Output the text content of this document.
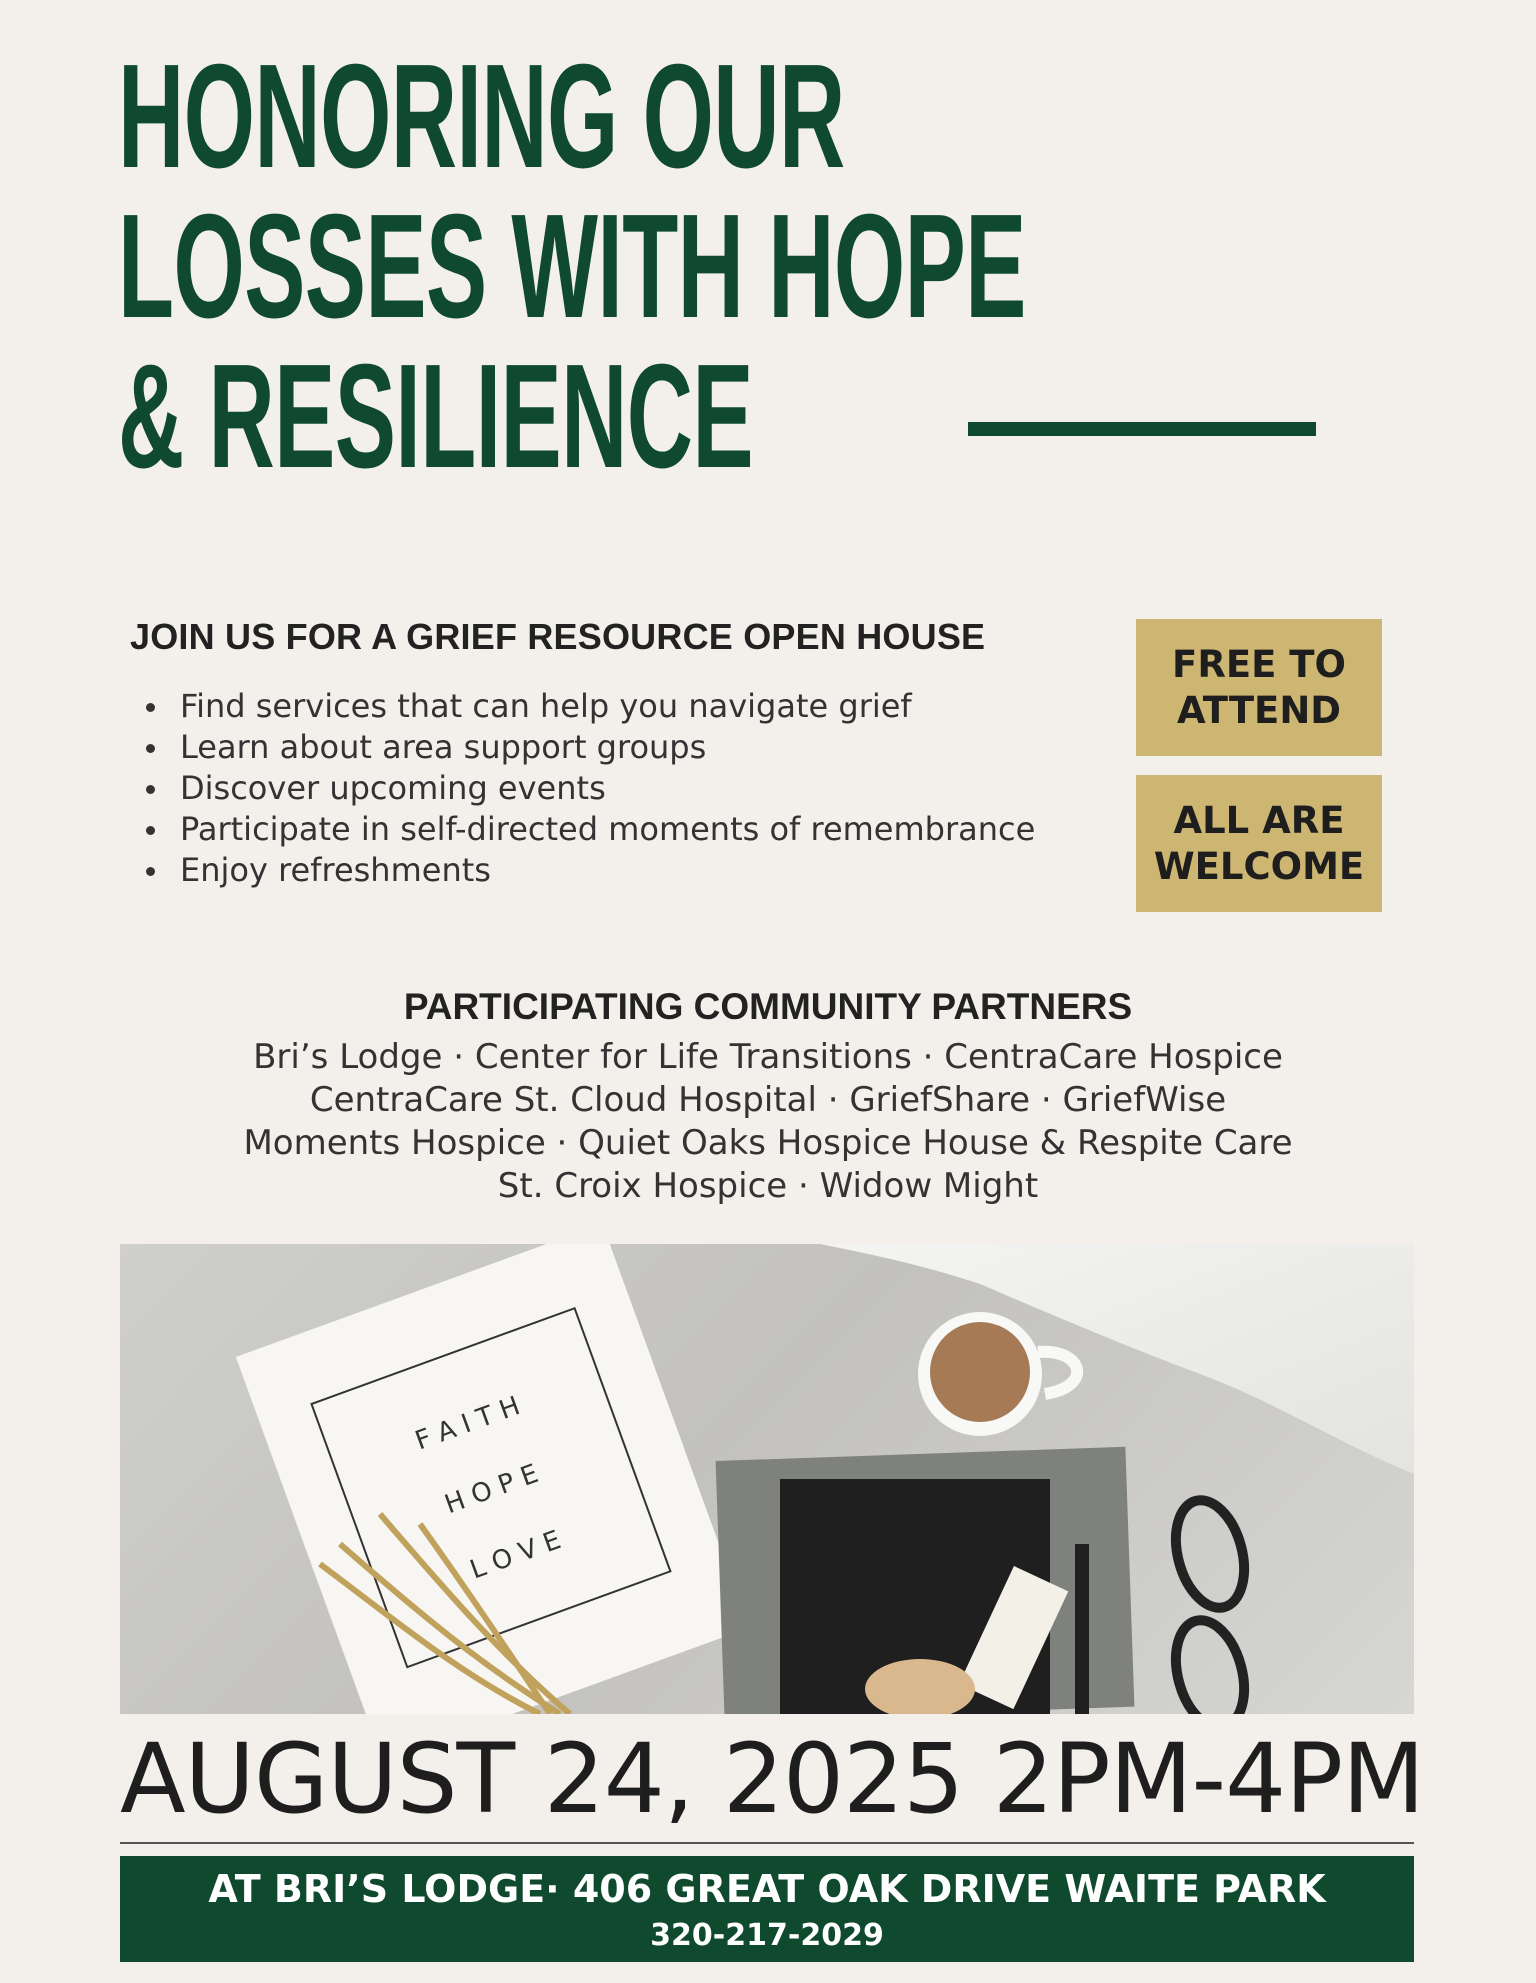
HONORING OUR
LOSSES WITH HOPE
& RESILIENCE
JOIN US FOR A GRIEF RESOURCE OPEN HOUSE
Find services that can help you navigate grief
Learn about area support groups
Discover upcoming events
Participate in self-directed moments of remembrance
Enjoy refreshments
FREE TO
ATTEND
ALL ARE
WELCOME
PARTICIPATING COMMUNITY PARTNERS
Bri’s Lodge · Center for Life Transitions · CentraCare Hospice
CentraCare St. Cloud Hospital · GriefShare · GriefWise
Moments Hospice · Quiet Oaks Hospice House & Respite Care
St. Croix Hospice · Widow Might
F A I T H
H O P E
L O V E
AUGUST 24, 2025 2PM-4PM
AT BRI’S LODGE· 406 GREAT OAK DRIVE WAITE PARK
320-217-2029
